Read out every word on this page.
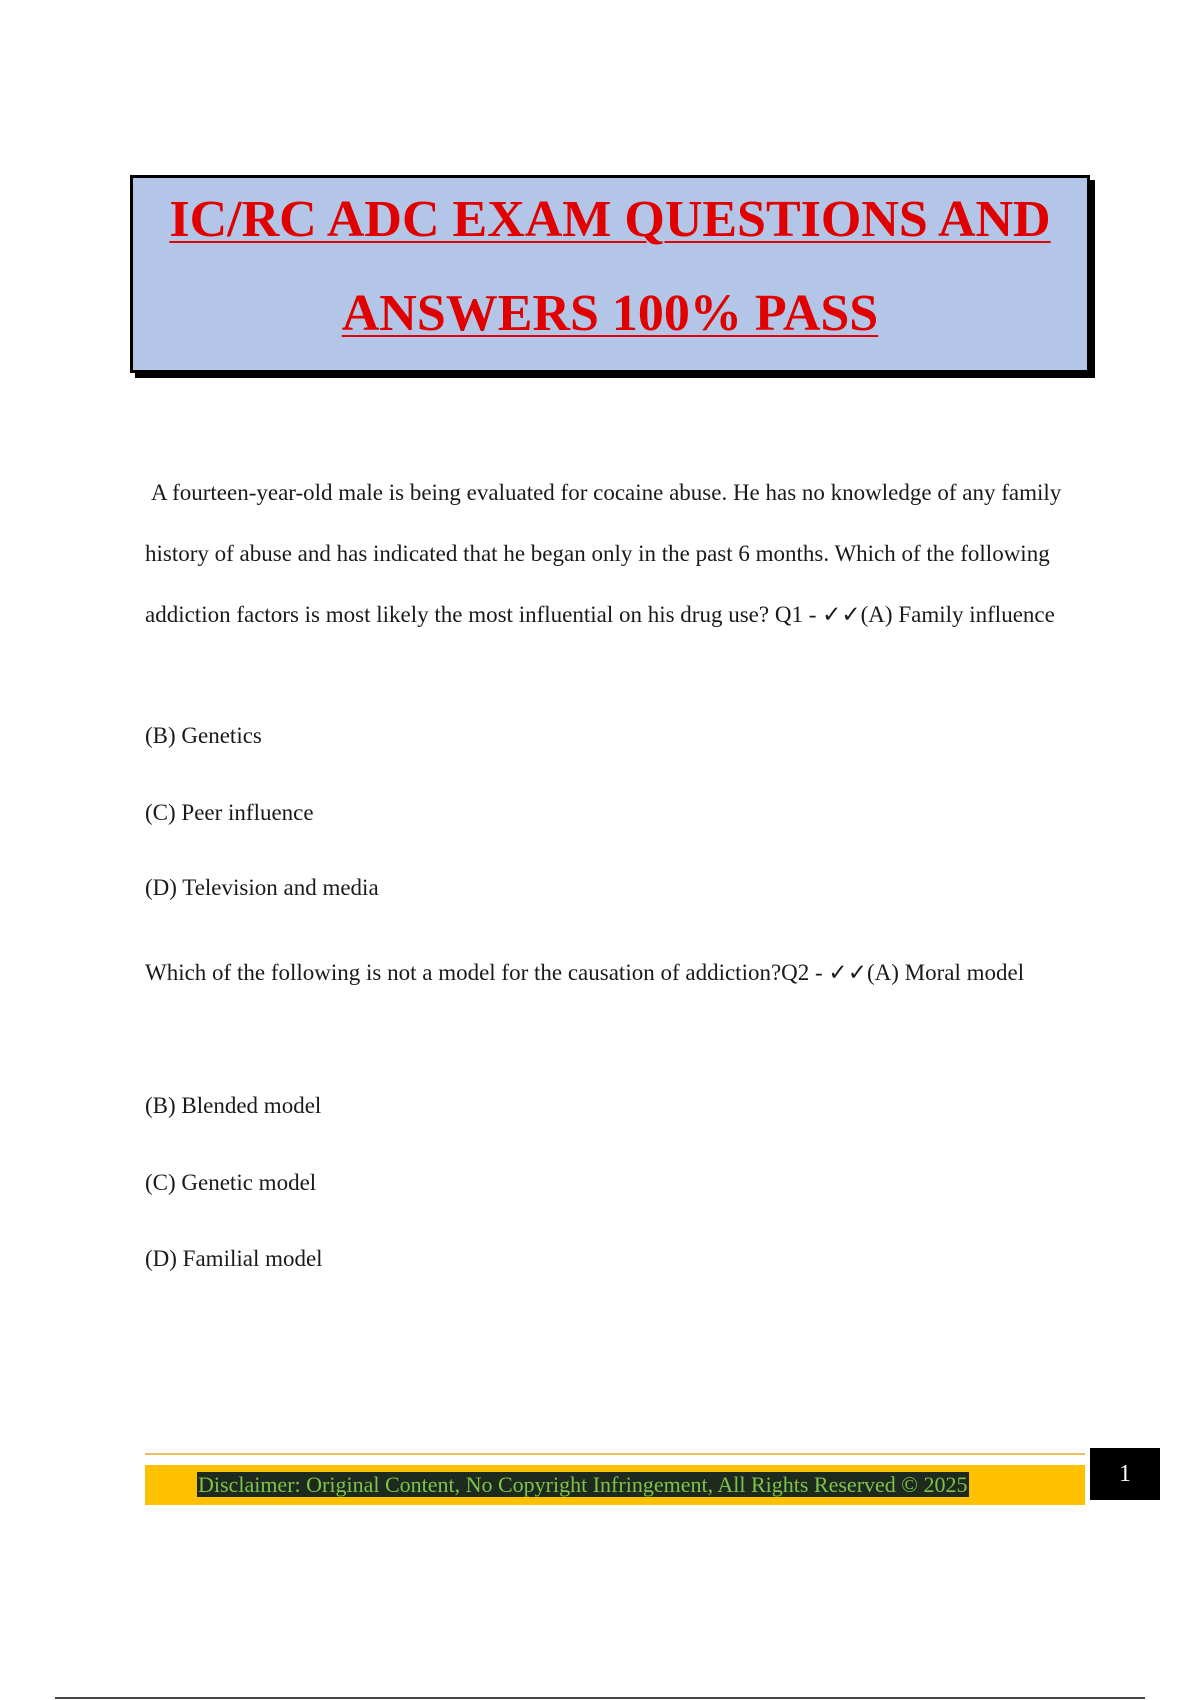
IC/RC ADC EXAM QUESTIONS AND
ANSWERS 100% PASS
A fourteen-year-old male is being evaluated for cocaine abuse. He has no knowledge of any family history of abuse and has indicated that he began only in the past 6 months. Which of the following addiction factors is most likely the most influential on his drug use? Q1 - ✓✓(A) Family influence
(B) Genetics
(C) Peer influence
(D) Television and media
Which of the following is not a model for the causation of addiction?Q2 - ✓✓(A) Moral model
(B) Blended model
(C) Genetic model
(D) Familial model
Disclaimer: Original Content, No Copyright Infringement, All Rights Reserved © 2025	1
